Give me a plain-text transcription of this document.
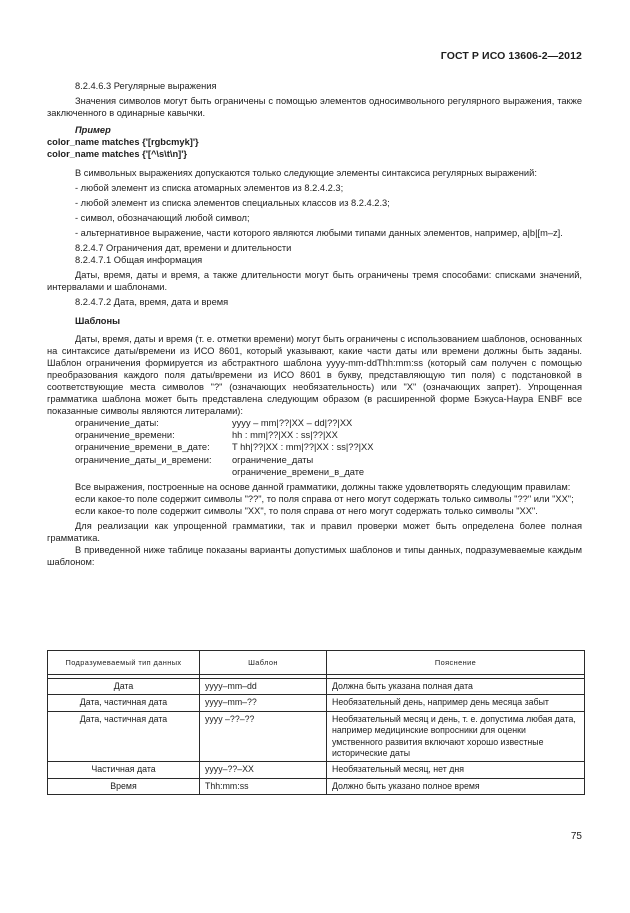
ГОСТ Р ИСО 13606-2—2012

8.2.4.6.3 Регулярные выражения

Значения символов могут быть ограничены с помощью элементов односимвольного регулярного выражения, также заключенного в одинарные кавычки.

Пример

color_name matches {'[rgbcmyk]'}

color_name matches {'[^\s\t\n]'}

В символьных выражениях допускаются только следующие элементы синтаксиса регулярных выражений:

- любой элемент из списка атомарных элементов из 8.2.4.2.3;
- любой элемент из списка элементов специальных классов из 8.2.4.2.3;
- символ, обозначающий любой символ;
- альтернативное выражение, части которого являются любыми типами данных элементов, например, a|b|[m–z].

8.2.4.7 Ограничения дат, времени и длительности

8.2.4.7.1 Общая информация

Даты, время, даты и время, а также длительности могут быть ограничены тремя способами: списками значений, интервалами и шаблонами.

8.2.4.7.2 Дата, время, дата и время

Шаблоны

Даты, время, даты и время (т. е. отметки времени) могут быть ограничены с использованием шаблонов, основанных на синтаксисе даты/времени из ИСО 8601, который указывают, какие части даты или времени должны быть заданы. Шаблон ограничения формируется из абстрактного шаблона yyyy-mm-ddThh:mm:ss (который сам получен с помощью преобразования каждого поля даты/времени из ИСО 8601 в букву, представляющую тип поля) с подстановкой в соответствующие места символов "?" (означающих необязательность) или "X" (означающих запрет). Упрощенная грамматика шаблона может быть представлена следующим образом (в расширенной форме Бэкуса-Наура ENBF все показанные символы являются литералами):

ограничение_даты:	yyyy – mm|??|XX – dd|??|XX
ограничение_времени:	hh : mm|??|XX : ss|??|XX
ограничение_времени_в_дате:	T hh|??|XX : mm|??|XX : ss|??|XX
ограничение_даты_и_времени:	ограничение_даты
	ограничение_времени_в_дате

Все выражения, построенные на основе данной грамматики, должны также удовлетворять следующим правилам:

если какое-то поле содержит символы "??", то поля справа от него могут содержать только символы "??" или "XX";

если какое-то поле содержит символы "XX", то поля справа от него могут содержать только символы "XX".

Для реализации как упрощенной грамматики, так и правил проверки может быть определена более полная грамматика.

В приведенной ниже таблице показаны варианты допустимых шаблонов и типы данных, подразумеваемые каждым шаблоном:

Подразумеваемый тип данных	Шаблон	Пояснение

Дата	yyyy–mm–dd	Должна быть указана полная дата
Дата, частичная дата	yyyy–mm–??	Необязательный день, например день месяца забыт
Дата, частичная дата	yyyy –??–??	Необязательный месяц и день, т. е. допустима любая дата, например медицинские вопросники для оценки умственного развития включают хорошо известные исторические даты
Частичная дата	yyyy–??–XX	Необязательный месяц, нет дня
Время	Thh:mm:ss	Должно быть указано полное время
75
